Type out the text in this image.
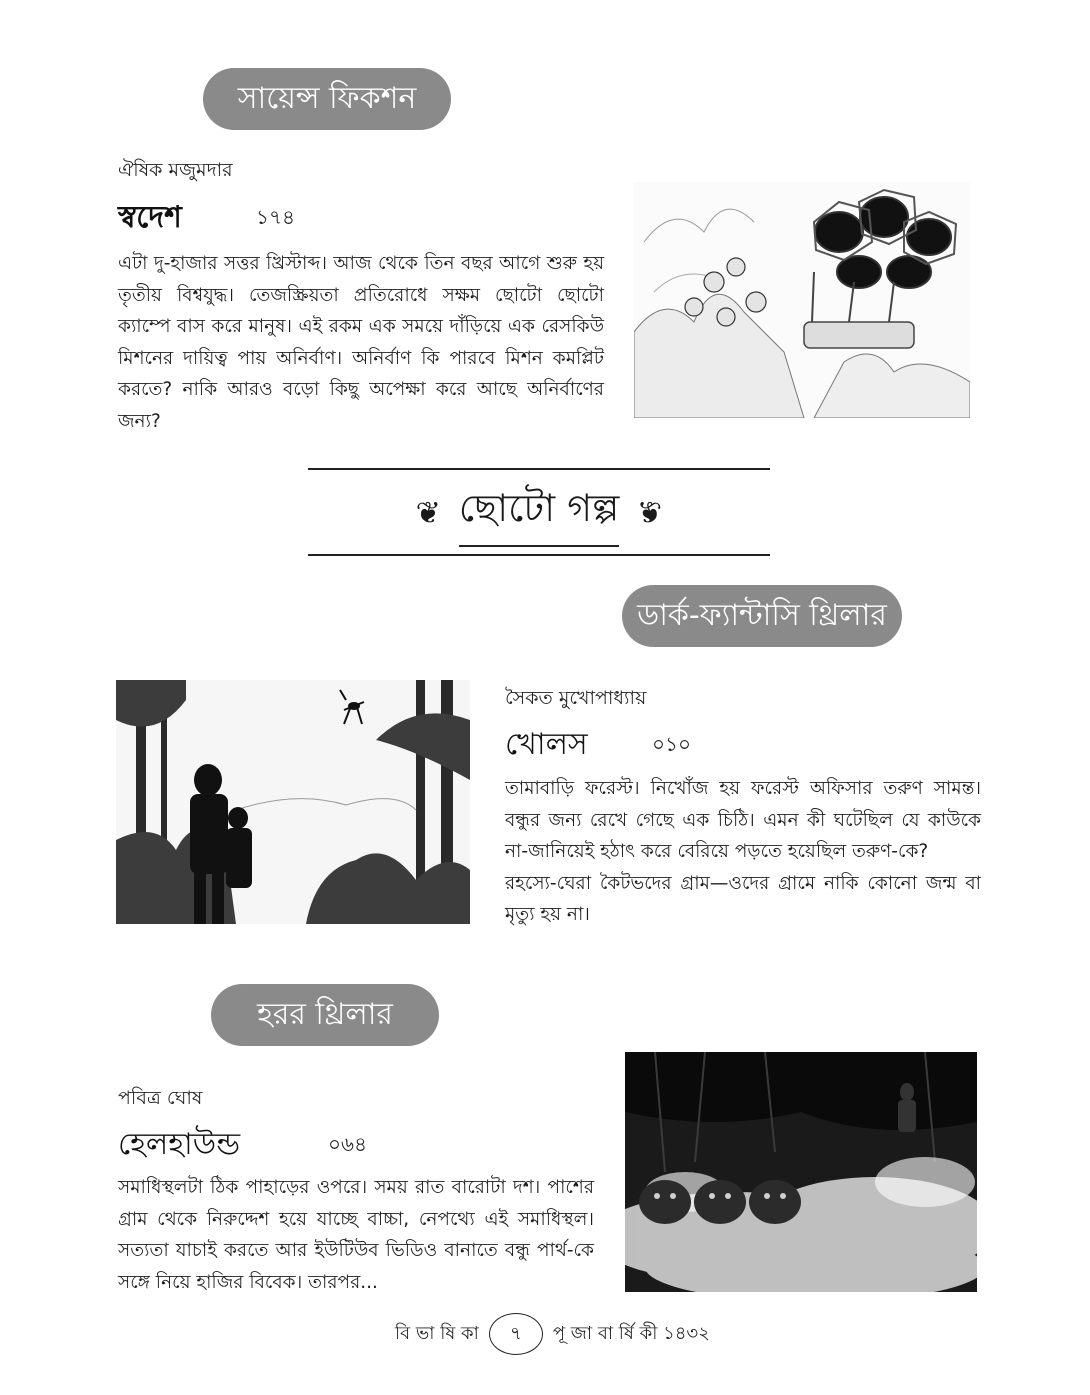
সায়েন্স ফিকশন
ঐষিক মজুমদার
স্বদেশ	১৭৪
এটা দু-হাজার সত্তর খ্রিস্টাব্দ। আজ থেকে তিন বছর আগে শুরু হয় তৃতীয় বিশ্বযুদ্ধ। তেজস্ক্রিয়তা প্রতিরোধে সক্ষম ছোটো ছোটো ক্যাম্পে বাস করে মানুষ। এই রকম এক সময়ে দাঁড়িয়ে এক রেসকিউ মিশনের দায়িত্ব পায় অনির্বাণ। অনির্বাণ কি পারবে মিশন কমপ্লিট করতে? নাকি আরও বড়ো কিছু অপেক্ষা করে আছে অনির্বাণের জন্য?
❦ ছোটো গল্প ❦
ডার্ক-ফ্যান্টাসি থ্রিলার
সৈকত মুখোপাধ্যায়
খোলস	০১০
তামাবাড়ি ফরেস্ট। নিখোঁজ হয় ফরেস্ট অফিসার তরুণ সামন্ত। বন্ধুর জন্য রেখে গেছে এক চিঠি। এমন কী ঘটেছিল যে কাউকে না-জানিয়েই হঠাৎ করে বেরিয়ে পড়তে হয়েছিল তরুণ-কে?
রহস্যে-ঘেরা কৈটভদের গ্রাম—ওদের গ্রামে নাকি কোনো জন্ম বা মৃত্যু হয় না।
হরর থ্রিলার
পবিত্র ঘোষ
হেলহাউন্ড	০৬৪
সমাধিস্থলটা ঠিক পাহাড়ের ওপরে। সময় রাত বারোটা দশ। পাশের গ্রাম থেকে নিরুদ্দেশ হয়ে যাচ্ছে বাচ্চা, নেপথ্যে এই সমাধিস্থল। সত্যতা যাচাই করতে আর ইউটিউব ভিডিও বানাতে বন্ধু পার্থ-কে সঙ্গে নিয়ে হাজির বিবেক। তারপর...
বি ভা ষি কা	৭	পূ জা বা র্ষি কী ১৪৩২
